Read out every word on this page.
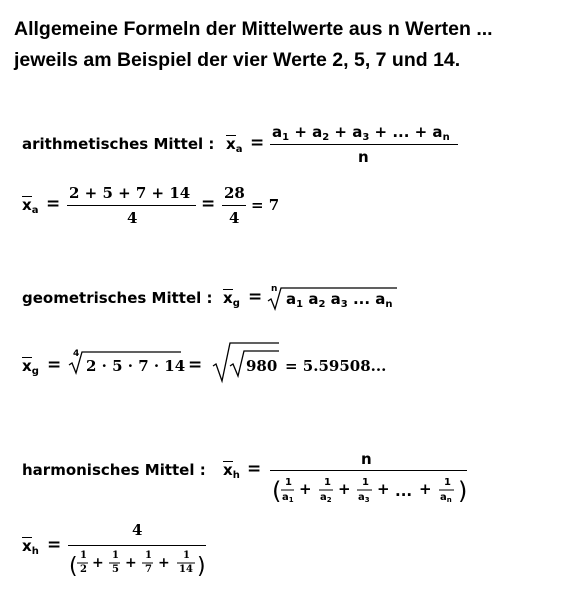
Allgemeine Formeln der Mittelwerte aus n Werten ...
jeweils am Beispiel der vier Werte 2, 5, 7 und 14.
arithmetisches Mittel : $x_a$ =
$a_1 + a_2 + a_3$ + ... + $a_n$
n
$x_a$ =
2 + 5 + 7 + 14
4
=
28
4
= 7
geometrisches Mittel : $x_g = n$
$a_1$ $a_2$ $a_3$ ... $a_n$
$x_g$ =
4
2 · 5 · 7 · 14 =	980 = 5.59508...
harmonisches Mittel : $x_h$ =	n
(	)
+ + + +
1
$a_1$
1
$a_2$
1
$a_3$ ...	1
$a_n$
$x_h$ =
4
(	)
+ + +
1
2
1
5
1
7
1
14
